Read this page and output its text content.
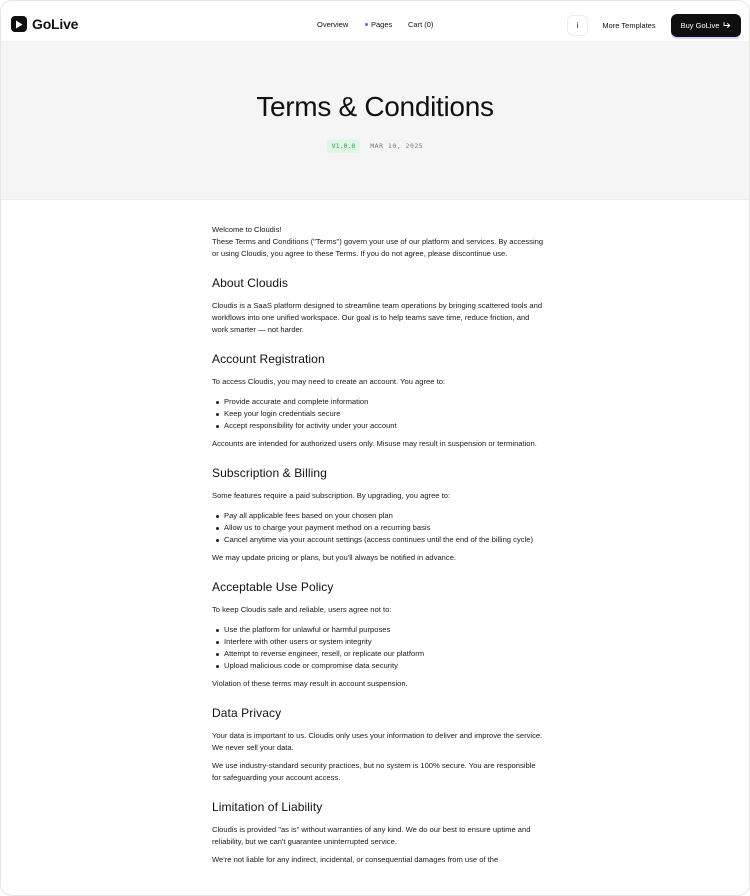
GoLive	Overview	Pages Cart (0)	i	More Templates	Buy GoLive
Terms & Conditions
V1.0.0	MAR 10, 2025

Welcome to Cloudis!
These Terms and Conditions ("Terms") govern your use of our platform and services. By accessing or using Cloudis, you agree to these Terms. If you do not agree, please discontinue use.

About Cloudis

Cloudis is a SaaS platform designed to streamline team operations by bringing scattered tools and workflows into one unified workspace. Our goal is to help teams save time, reduce friction, and work smarter — not harder.

Account Registration

To access Cloudis, you may need to create an account. You agree to:

Provide accurate and complete information
Keep your login credentials secure
Accept responsibility for activity under your account

Accounts are intended for authorized users only. Misuse may result in suspension or termination.

Subscription & Billing

Some features require a paid subscription. By upgrading, you agree to:

Pay all applicable fees based on your chosen plan
Allow us to charge your payment method on a recurring basis
Cancel anytime via your account settings (access continues until the end of the billing cycle)

We may update pricing or plans, but you'll always be notified in advance.

Acceptable Use Policy

To keep Cloudis safe and reliable, users agree not to:

Use the platform for unlawful or harmful purposes
Interfere with other users or system integrity
Attempt to reverse engineer, resell, or replicate our platform
Upload malicious code or compromise data security

Violation of these terms may result in account suspension.

Data Privacy

Your data is important to us. Cloudis only uses your information to deliver and improve the service. We never sell your data.

We use industry-standard security practices, but no system is 100% secure. You are responsible for safeguarding your account access.

Limitation of Liability

Cloudis is provided "as is" without warranties of any kind. We do our best to ensure uptime and reliability, but we can't guarantee uninterrupted service.

We're not liable for any indirect, incidental, or consequential damages from use of the
